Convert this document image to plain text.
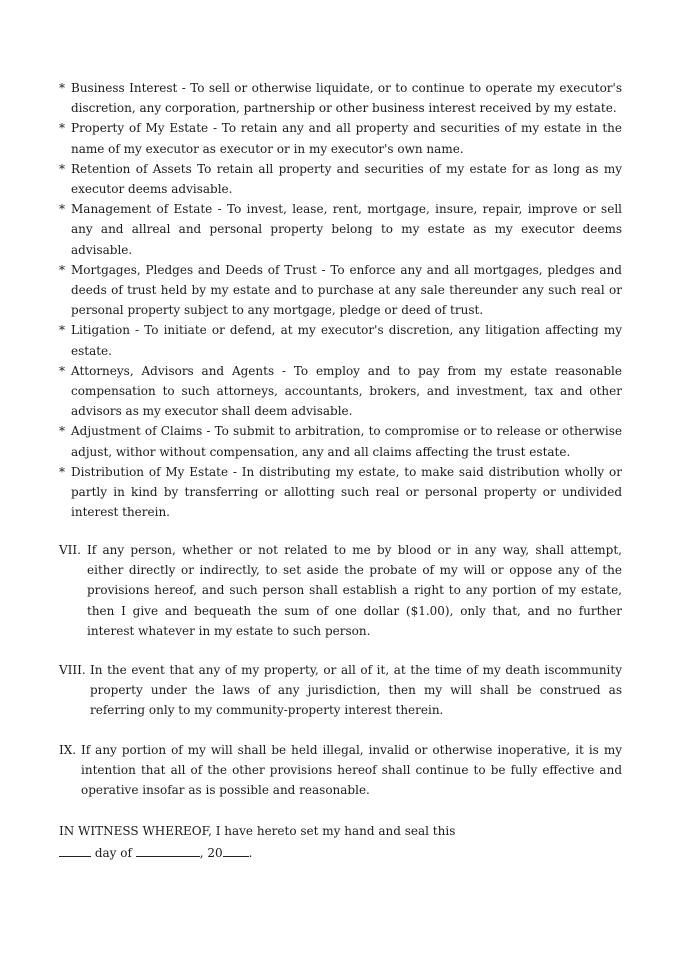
* Business Interest - To sell or otherwise liquidate, or to continue to operate my executor's discretion, any corporation, partnership or other business interest received by my estate.
* Property of My Estate - To retain any and all property and securities of my estate in the name of my executor as executor or in my executor's own name.
* Retention of Assets To retain all property and securities of my estate for as long as my executor deems advisable.
* Management of Estate - To invest, lease, rent, mortgage, insure, repair, improve or sell any and allreal and personal property belong to my estate as my executor deems advisable.
* Mortgages, Pledges and Deeds of Trust - To enforce any and all mortgages, pledges and deeds of trust held by my estate and to purchase at any sale thereunder any such real or personal property subject to any mortgage, pledge or deed of trust.
* Litigation - To initiate or defend, at my executor's discretion, any litigation affecting my estate.
* Attorneys, Advisors and Agents - To employ and to pay from my estate reasonable compensation to such attorneys, accountants, brokers, and investment, tax and other advisors as my executor shall deem advisable.
* Adjustment of Claims - To submit to arbitration, to compromise or to release or otherwise adjust, withor without compensation, any and all claims affecting the trust estate.
* Distribution of My Estate - In distributing my estate, to make said distribution wholly or partly in kind by transferring or allotting such real or personal property or undivided interest therein.
VII. If any person, whether or not related to me by blood or in any way, shall attempt, either directly or indirectly, to set aside the probate of my will or oppose any of the provisions hereof, and such person shall establish a right to any portion of my estate, then I give and bequeath the sum of one dollar ($1.00), only that, and no further interest whatever in my estate to such person.
VIII. In the event that any of my property, or all of it, at the time of my death iscommunity property under the laws of any jurisdiction, then my will shall be construed as referring only to my community-property interest therein.
IX. If any portion of my will shall be held illegal, invalid or otherwise inoperative, it is my intention that all of the other provisions hereof shall continue to be fully effective and operative insofar as is possible and reasonable.
IN WITNESS WHEREOF, I have hereto set my hand and seal this
day of	, 20 .
